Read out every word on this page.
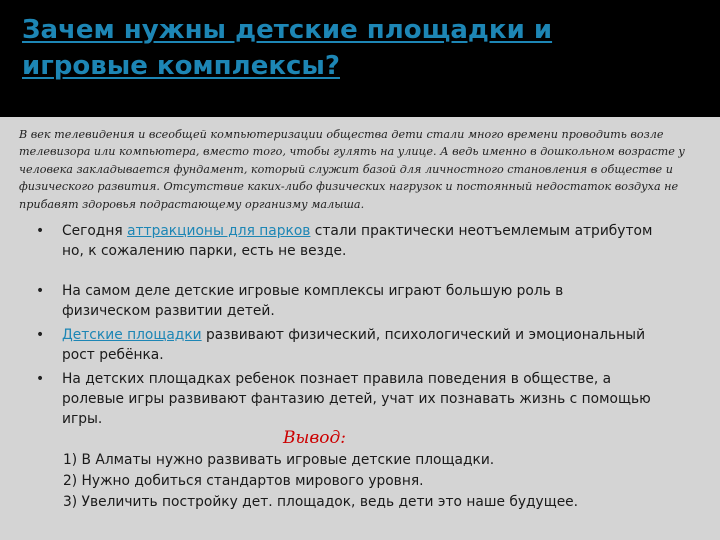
Зачем нужны детские площадки и игровые комплексы?

В век телевидения и всеобщей компьютеризации общества дети стали много времени проводить возле телевизора или компьютера, вместо того, чтобы гулять на улице. А ведь именно в дошкольном возрасте у человека закладывается фундамент, который служит базой для личностного становления в обществе и физического развития. Отсутствие каких-либо физических нагрузок и постоянный недостаток воздуха не прибавят здоровья подрастающему организму малыша.

• Сегодня аттракционы для парков стали практически неотъемлемым атрибутом но, к сожалению парки, есть не везде.
• На самом деле детские игровые комплексы играют большую роль в физическом развитии детей.
• Детские площадки развивают физический, психологический и эмоциональный рост ребёнка.
• На детских площадках ребенок познает правила поведения в обществе, а ролевые игры развивают фантазию детей, учат их познавать жизнь с помощью игры.
Вывод:
1) В Алматы нужно развивать игровые детские площадки.
2) Нужно добиться стандартов мирового уровня.
3) Увеличить постройку дет. площадок, ведь дети это наше будущее.
